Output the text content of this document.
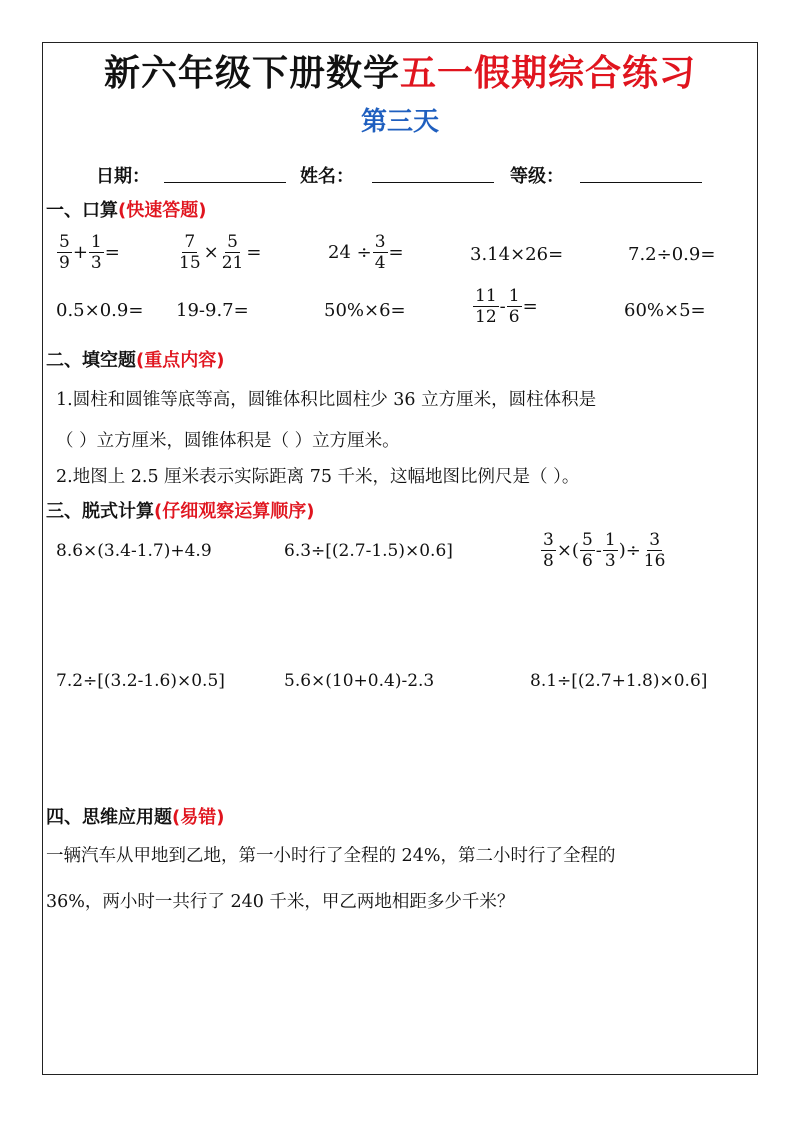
新六年级下册数学五一假期综合练习
第三天
日期：	姓名：	等级：
一、口算(快速答题)
$\frac{5}{9} + \frac{1}{3}$ =	$\frac{7}{15} \times \frac{5}{21}$ =	$24 \div \frac{3}{4}$ =	3.14×26=	7.2÷0.9=
0.5×0.9= 19-9.7=	50%×6=	$\frac{11}{12} - \frac{1}{6}$ =	60%×5=
二、填空题(重点内容)
1.圆柱和圆锥等底等高，圆锥体积比圆柱少 36 立方厘米，圆柱体积是
（ ）立方厘米，圆锥体积是（ ）立方厘米。
2.地图上 2.5 厘米表示实际距离 75 千米，这幅地图比例尺是（ ）。
三、脱式计算(仔细观察运算顺序)
8.6×(3.4-1.7)+4.9	6.3÷[(2.7-1.5)×0.6]	$\frac{3}{8}$ ×( $\frac{5}{6} - \frac{1}{3}$ )÷ $\frac{3}{16}$
7.2÷[(3.2-1.6)×0.5]	5.6×(10+0.4)-2.3	8.1÷[(2.7+1.8)×0.6]
四、思维应用题(易错)
一辆汽车从甲地到乙地，第一小时行了全程的 24%，第二小时行了全程的
36%，两小时一共行了 240 千米，甲乙两地相距多少千米？
